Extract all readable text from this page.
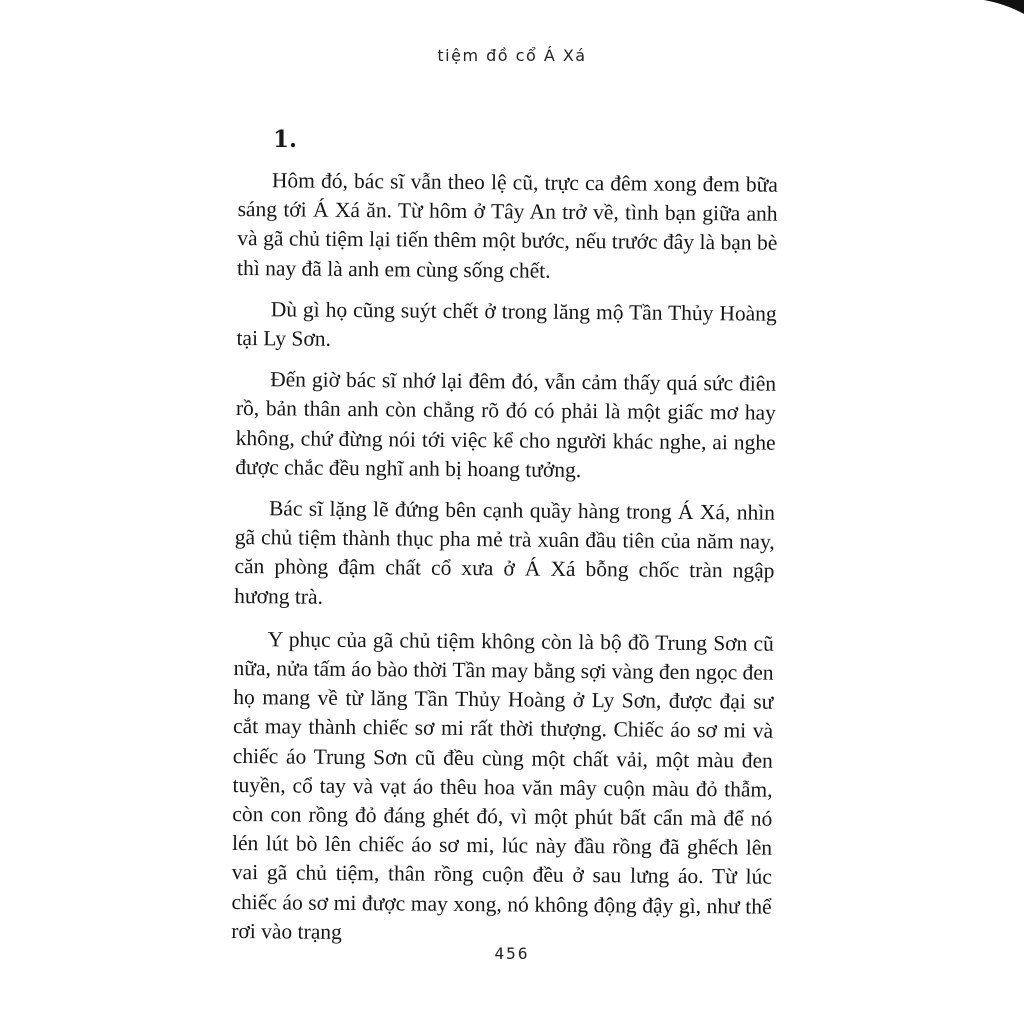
tiệm đồ cổ Á Xá
1.

Hôm đó, bác sĩ vẫn theo lệ cũ, trực ca đêm xong đem bữa sáng tới Á Xá ăn. Từ hôm ở Tây An trở về, tình bạn giữa anh và gã chủ tiệm lại tiến thêm một bước, nếu trước đây là bạn bè thì nay đã là anh em cùng sống chết.

Dù gì họ cũng suýt chết ở trong lăng mộ Tần Thủy Hoàng tại Ly Sơn.

Đến giờ bác sĩ nhớ lại đêm đó, vẫn cảm thấy quá sức điên rồ, bản thân anh còn chẳng rõ đó có phải là một giấc mơ hay không, chứ đừng nói tới việc kể cho người khác nghe, ai nghe được chắc đều nghĩ anh bị hoang tưởng.

Bác sĩ lặng lẽ đứng bên cạnh quầy hàng trong Á Xá, nhìn gã chủ tiệm thành thục pha mẻ trà xuân đầu tiên của năm nay, căn phòng đậm chất cổ xưa ở Á Xá bỗng chốc tràn ngập hương trà.

Y phục của gã chủ tiệm không còn là bộ đồ Trung Sơn cũ nữa, nửa tấm áo bào thời Tần may bằng sợi vàng đen ngọc đen họ mang về từ lăng Tần Thủy Hoàng ở Ly Sơn, được đại sư cắt may thành chiếc sơ mi rất thời thượng. Chiếc áo sơ mi và chiếc áo Trung Sơn cũ đều cùng một chất vải, một màu đen tuyền, cổ tay và vạt áo thêu hoa văn mây cuộn màu đỏ thẫm, còn con rồng đỏ đáng ghét đó, vì một phút bất cẩn mà để nó lén lút bò lên chiếc áo sơ mi, lúc này đầu rồng đã ghếch lên vai gã chủ tiệm, thân rồng cuộn đều ở sau lưng áo. Từ lúc chiếc áo sơ mi được may xong, nó không động đậy gì, như thể rơi vào trạng

456
